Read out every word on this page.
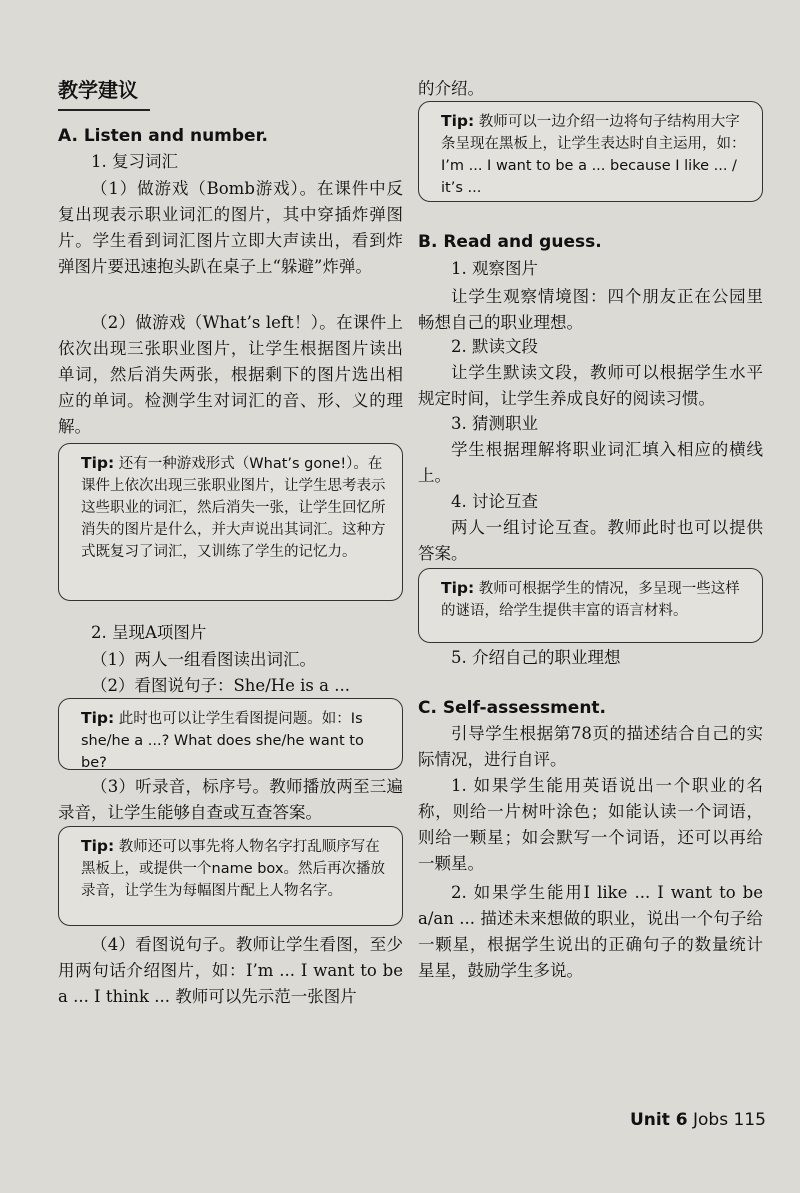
教学建议
A. Listen and number.
1. 复习词汇
（1）做游戏（Bomb游戏）。在课件中反复出现表示职业词汇的图片，其中穿插炸弹图片。学生看到词汇图片立即大声读出，看到炸弹图片要迅速抱头趴在桌子上“躲避”炸弹。
（2）做游戏（What’s left！）。在课件上依次出现三张职业图片，让学生根据图片读出单词，然后消失两张，根据剩下的图片选出相应的单词。检测学生对词汇的音、形、义的理解。
Tip: 还有一种游戏形式（What’s gone!）。在课件上依次出现三张职业图片，让学生思考表示这些职业的词汇，然后消失一张，让学生回忆所消失的图片是什么，并大声说出其词汇。这种方式既复习了词汇，又训练了学生的记忆力。
2. 呈现A项图片
（1）两人一组看图读出词汇。
（2）看图说句子：She/He is a ...
Tip: 此时也可以让学生看图提问题。如：Is she/he a ...? What does she/he want to be?
（3）听录音，标序号。教师播放两至三遍录音，让学生能够自查或互查答案。
Tip: 教师还可以事先将人物名字打乱顺序写在黑板上，或提供一个name box。然后再次播放录音，让学生为每幅图片配上人物名字。
（4）看图说句子。教师让学生看图，至少用两句话介绍图片，如：I’m ... I want to be a ... I think ... 教师可以先示范一张图片
的介绍。
Tip: 教师可以一边介绍一边将句子结构用大字条呈现在黑板上，让学生表达时自主运用，如：I’m ... I want to be a ... because I like ... / it’s ...
B. Read and guess.
1. 观察图片
让学生观察情境图：四个朋友正在公园里畅想自己的职业理想。
2. 默读文段
让学生默读文段，教师可以根据学生水平规定时间，让学生养成良好的阅读习惯。
3. 猜测职业
学生根据理解将职业词汇填入相应的横线上。
4. 讨论互查
两人一组讨论互查。教师此时也可以提供答案。
Tip: 教师可根据学生的情况，多呈现一些这样的谜语，给学生提供丰富的语言材料。
5. 介绍自己的职业理想
C. Self-assessment.
引导学生根据第78页的描述结合自己的实际情况，进行自评。
1. 如果学生能用英语说出一个职业的名称，则给一片树叶涂色；如能认读一个词语，则给一颗星；如会默写一个词语，还可以再给一颗星。
2. 如果学生能用I like ... I want to be a/an ... 描述未来想做的职业，说出一个句子给一颗星，根据学生说出的正确句子的数量统计星星，鼓励学生多说。
Unit 6 Jobs 115
